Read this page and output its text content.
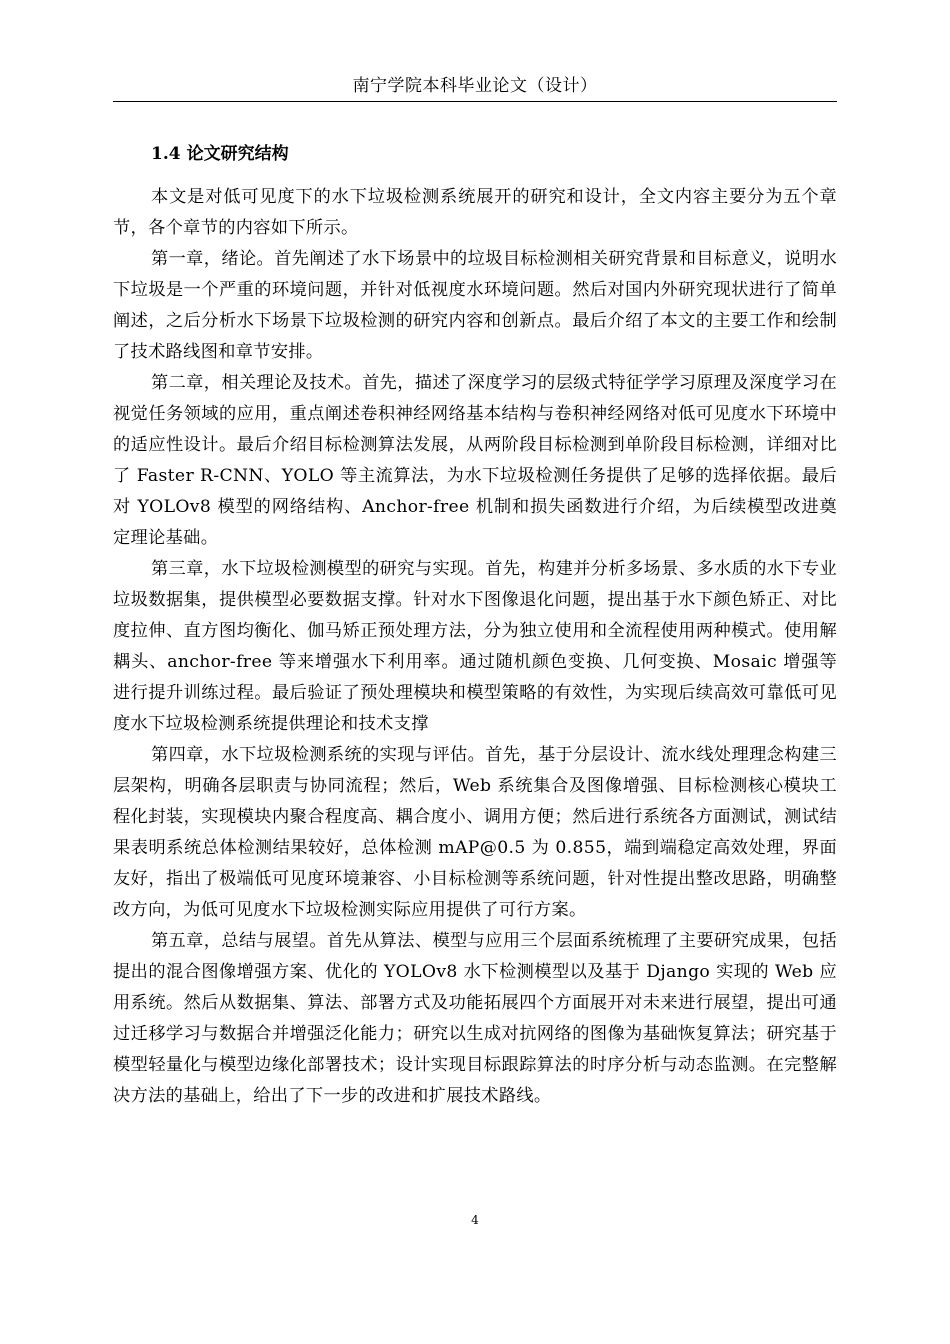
南宁学院本科毕业论文（设计）
1.4 论文研究结构

本文是对低可见度下的水下垃圾检测系统展开的研究和设计，全文内容主要分为五个章节，各个章节的内容如下所示。

第一章，绪论。首先阐述了水下场景中的垃圾目标检测相关研究背景和目标意义，说明水下垃圾是一个严重的环境问题，并针对低视度水环境问题。然后对国内外研究现状进行了简单阐述，之后分析水下场景下垃圾检测的研究内容和创新点。最后介绍了本文的主要工作和绘制了技术路线图和章节安排。

第二章，相关理论及技术。首先，描述了深度学习的层级式特征学学习原理及深度学习在视觉任务领域的应用，重点阐述卷积神经网络基本结构与卷积神经网络对低可见度水下环境中的适应性设计。最后介绍目标检测算法发展，从两阶段目标检测到单阶段目标检测，详细对比了 Faster R-CNN、YOLO 等主流算法，为水下垃圾检测任务提供了足够的选择依据。最后对 YOLOv8 模型的网络结构、Anchor-free 机制和损失函数进行介绍，为后续模型改进奠定理论基础。

第三章，水下垃圾检测模型的研究与实现。首先，构建并分析多场景、多水质的水下专业垃圾数据集，提供模型必要数据支撑。针对水下图像退化问题，提出基于水下颜色矫正、对比度拉伸、直方图均衡化、伽马矫正预处理方法，分为独立使用和全流程使用两种模式。使用解耦头、anchor-free 等来增强水下利用率。通过随机颜色变换、几何变换、Mosaic 增强等进行提升训练过程。最后验证了预处理模块和模型策略的有效性，为实现后续高效可靠低可见度水下垃圾检测系统提供理论和技术支撑

第四章，水下垃圾检测系统的实现与评估。首先，基于分层设计、流水线处理理念构建三层架构，明确各层职责与协同流程；然后，Web 系统集合及图像增强、目标检测核心模块工程化封装，实现模块内聚合程度高、耦合度小、调用方便；然后进行系统各方面测试，测试结果表明系统总体检测结果较好，总体检测 mAP@0.5 为 0.855，端到端稳定高效处理，界面友好，指出了极端低可见度环境兼容、小目标检测等系统问题，针对性提出整改思路，明确整改方向，为低可见度水下垃圾检测实际应用提供了可行方案。

第五章，总结与展望。首先从算法、模型与应用三个层面系统梳理了主要研究成果，包括提出的混合图像增强方案、优化的 YOLOv8 水下检测模型以及基于 Django 实现的 Web 应用系统。然后从数据集、算法、部署方式及功能拓展四个方面展开对未来进行展望，提出可通过迁移学习与数据合并增强泛化能力；研究以生成对抗网络的图像为基础恢复算法；研究基于模型轻量化与模型边缘化部署技术；设计实现目标跟踪算法的时序分析与动态监测。在完整解决方法的基础上，给出了下一步的改进和扩展技术路线。

4
